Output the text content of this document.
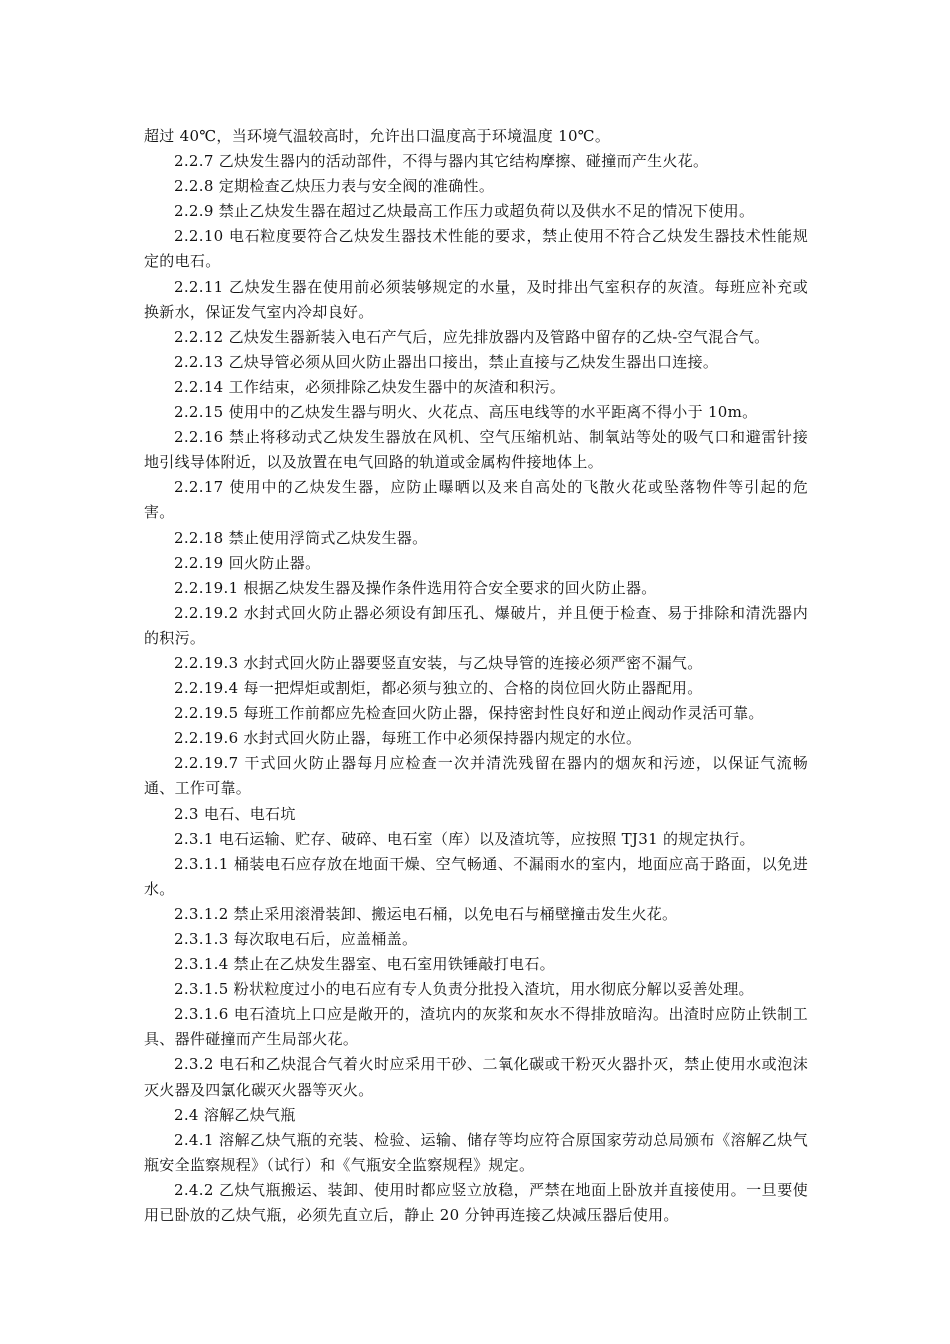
超过 40℃，当环境气温较高时，允许出口温度高于环境温度 10℃。

2.2.7 乙炔发生器内的活动部件，不得与器内其它结构摩擦、碰撞而产生火花。

2.2.8 定期检查乙炔压力表与安全阀的准确性。

2.2.9 禁止乙炔发生器在超过乙炔最高工作压力或超负荷以及供水不足的情况下使用。

2.2.10 电石粒度要符合乙炔发生器技术性能的要求，禁止使用不符合乙炔发生器技术性能规定的电石。

2.2.11 乙炔发生器在使用前必须装够规定的水量，及时排出气室积存的灰渣。每班应补充或换新水，保证发气室内冷却良好。

2.2.12 乙炔发生器新装入电石产气后，应先排放器内及管路中留存的乙炔-空气混合气。

2.2.13 乙炔导管必须从回火防止器出口接出，禁止直接与乙炔发生器出口连接。

2.2.14 工作结束，必须排除乙炔发生器中的灰渣和积污。

2.2.15 使用中的乙炔发生器与明火、火花点、高压电线等的水平距离不得小于 10m。

2.2.16 禁止将移动式乙炔发生器放在风机、空气压缩机站、制氧站等处的吸气口和避雷针接地引线导体附近，以及放置在电气回路的轨道或金属构件接地体上。

2.2.17 使用中的乙炔发生器，应防止曝晒以及来自高处的飞散火花或坠落物件等引起的危害。

2.2.18 禁止使用浮筒式乙炔发生器。

2.2.19 回火防止器。

2.2.19.1 根据乙炔发生器及操作条件选用符合安全要求的回火防止器。

2.2.19.2 水封式回火防止器必须设有卸压孔、爆破片，并且便于检查、易于排除和清洗器内的积污。

2.2.19.3 水封式回火防止器要竖直安装，与乙炔导管的连接必须严密不漏气。

2.2.19.4 每一把焊炬或割炬，都必须与独立的、合格的岗位回火防止器配用。

2.2.19.5 每班工作前都应先检查回火防止器，保持密封性良好和逆止阀动作灵活可靠。

2.2.19.6 水封式回火防止器，每班工作中必须保持器内规定的水位。

2.2.19.7 干式回火防止器每月应检查一次并清洗残留在器内的烟灰和污迹，以保证气流畅通、工作可靠。

2.3 电石、电石坑

2.3.1 电石运输、贮存、破碎、电石室（库）以及渣坑等，应按照 TJ31 的规定执行。

2.3.1.1 桶装电石应存放在地面干燥、空气畅通、不漏雨水的室内，地面应高于路面，以免进水。

2.3.1.2 禁止采用滚滑装卸、搬运电石桶，以免电石与桶壁撞击发生火花。

2.3.1.3 每次取电石后，应盖桶盖。

2.3.1.4 禁止在乙炔发生器室、电石室用铁锤敲打电石。

2.3.1.5 粉状粒度过小的电石应有专人负责分批投入渣坑，用水彻底分解以妥善处理。

2.3.1.6 电石渣坑上口应是敞开的，渣坑内的灰浆和灰水不得排放暗沟。出渣时应防止铁制工具、器件碰撞而产生局部火花。

2.3.2 电石和乙炔混合气着火时应采用干砂、二氧化碳或干粉灭火器扑灭，禁止使用水或泡沫灭火器及四氯化碳灭火器等灭火。

2.4 溶解乙炔气瓶

2.4.1 溶解乙炔气瓶的充装、检验、运输、储存等均应符合原国家劳动总局颁布《溶解乙炔气瓶安全监察规程》（试行）和《气瓶安全监察规程》规定。

2.4.2 乙炔气瓶搬运、装卸、使用时都应竖立放稳，严禁在地面上卧放并直接使用。一旦要使用已卧放的乙炔气瓶，必须先直立后，静止 20 分钟再连接乙炔减压器后使用。
